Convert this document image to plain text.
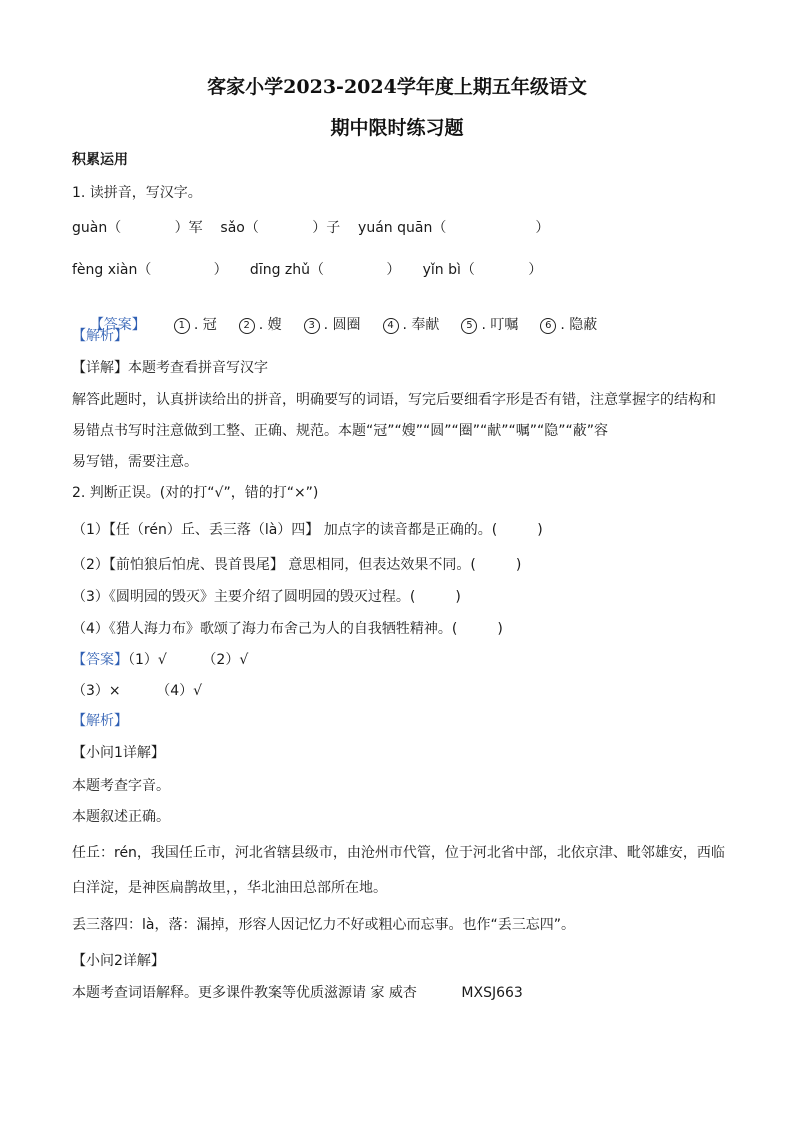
客家小学2023-2024学年度上期五年级语文
期中限时练习题
积累运用
1. 读拼音，写汉字。
guàn（            ）军    sǎo（            ）子    yuán quān（                    ）
fèng xiàn（              ）     dīng zhǔ（              ）     yǐn bì（            ）

【答案】	1 . 冠	2 . 嫂	3 . 圆圈	4 . 奉献	5 . 叮嘱	6 . 隐蔽

【解析】
【详解】本题考查看拼音写汉字
解答此题时，认真拼读给出的拼音，明确要写的词语，写完后要细看字形是否有错，注意掌握字的结构和
易错点书写时注意做到工整、正确、规范。本题“冠”“嫂”“圆”“圈”“献”“嘱”“隐”“蔽”容
易写错，需要注意。
2. 判断正误。(对的打“√”，错的打“×”)
（1）【任（rén）丘、丢三落（là）四】 加点字的读音都是正确的。(         )
（2）【前怕狼后怕虎、畏首畏尾】 意思相同，但表达效果不同。(         )
（3）《圆明园的毁灭》主要介绍了圆明园的毁灭过程。(         )
（4）《猎人海力布》歌颂了海力布舍己为人的自我牺牲精神。(         )
【答案】（1）√        （2）√
（3）×        （4）√
【解析】
【小问1详解】
本题考查字音。
本题叙述正确。
任丘：rén，我国任丘市，河北省辖县级市，由沧州市代管，位于河北省中部，北依京津、毗邻雄安，西临
白洋淀，是神医扁鹊故里，，华北油田总部所在地。
丢三落四：là，落：漏掉，形容人因记忆力不好或粗心而忘事。也作“丢三忘四”。
【小问2详解】
本题考查词语解释。更多课件教案等优质滋源请 家 威杏          MXSJ663
